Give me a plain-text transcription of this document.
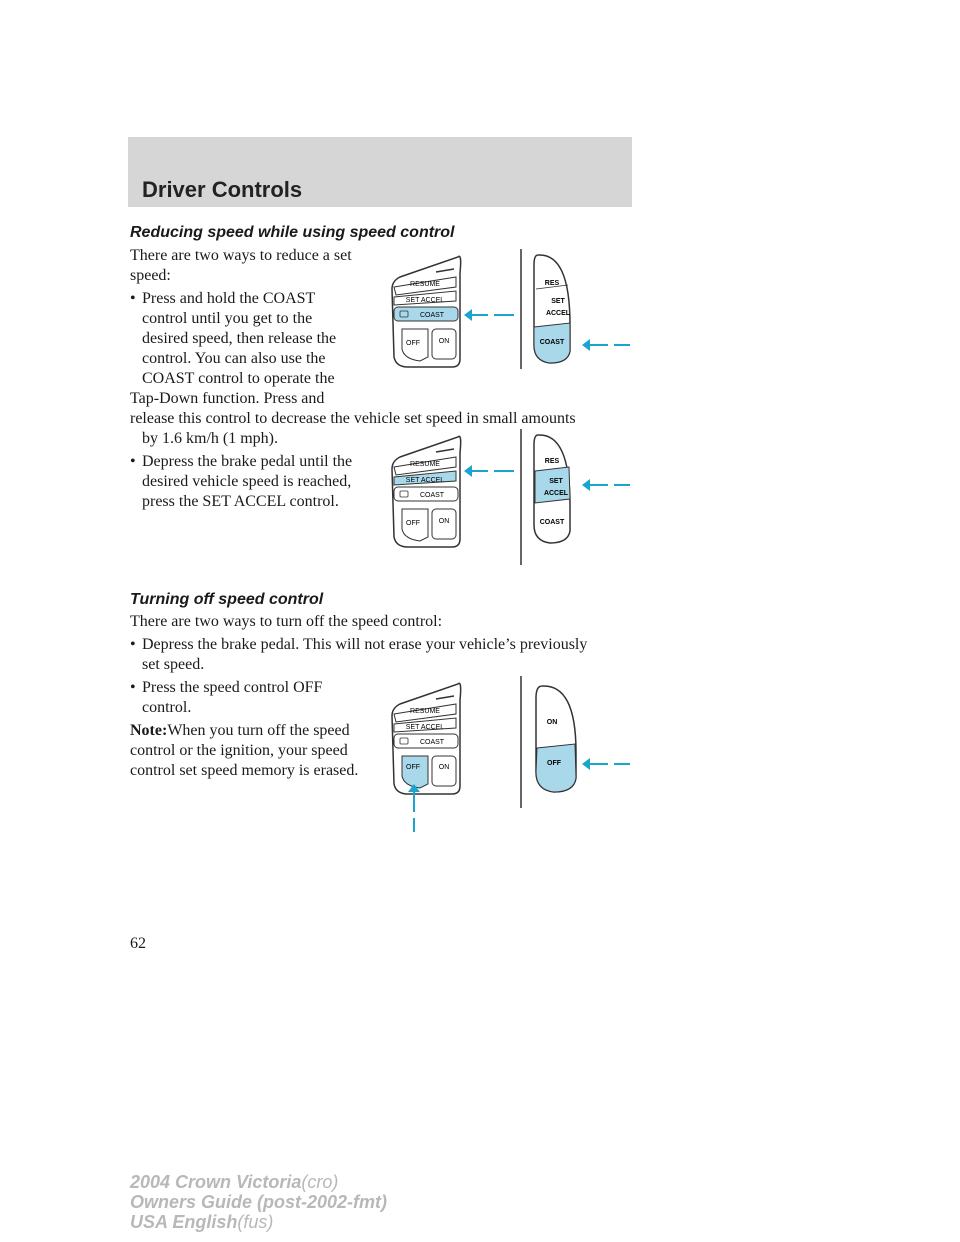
Driver Controls
Reducing speed while using speed control

There are two ways to reduce a set

speed:

• Press and hold the COAST
control until you get to the
desired speed, then release the
control. You can also use the
COAST control to operate the
Tap-Down function. Press and

release this control to decrease the vehicle set speed in small amounts

by 1.6 km/h (1 mph).

• Depress the brake pedal until the
desired vehicle speed is reached,
press the SET ACCEL control.
Turning off speed control

There are two ways to turn off the speed control:

• Depress the brake pedal. This will not erase your vehicle’s previously
set speed.
• Press the speed control OFF
control.

Note:When you turn off the speed

control or the ignition, your speed

control set speed memory is erased.

RESUME
SET ACCEL
COAST
OFF	ON
RES
SET
ACCEL
COAST
RESUME
SET ACCEL
COAST
OFF	ON
RES
SET
ACCEL
COAST
RESUME
SET ACCEL
COAST
OFF	ON
ON
OFF

62

2004 Crown Victoria(cro)
Owners Guide (post-2002-fmt)
USA English(fus)
